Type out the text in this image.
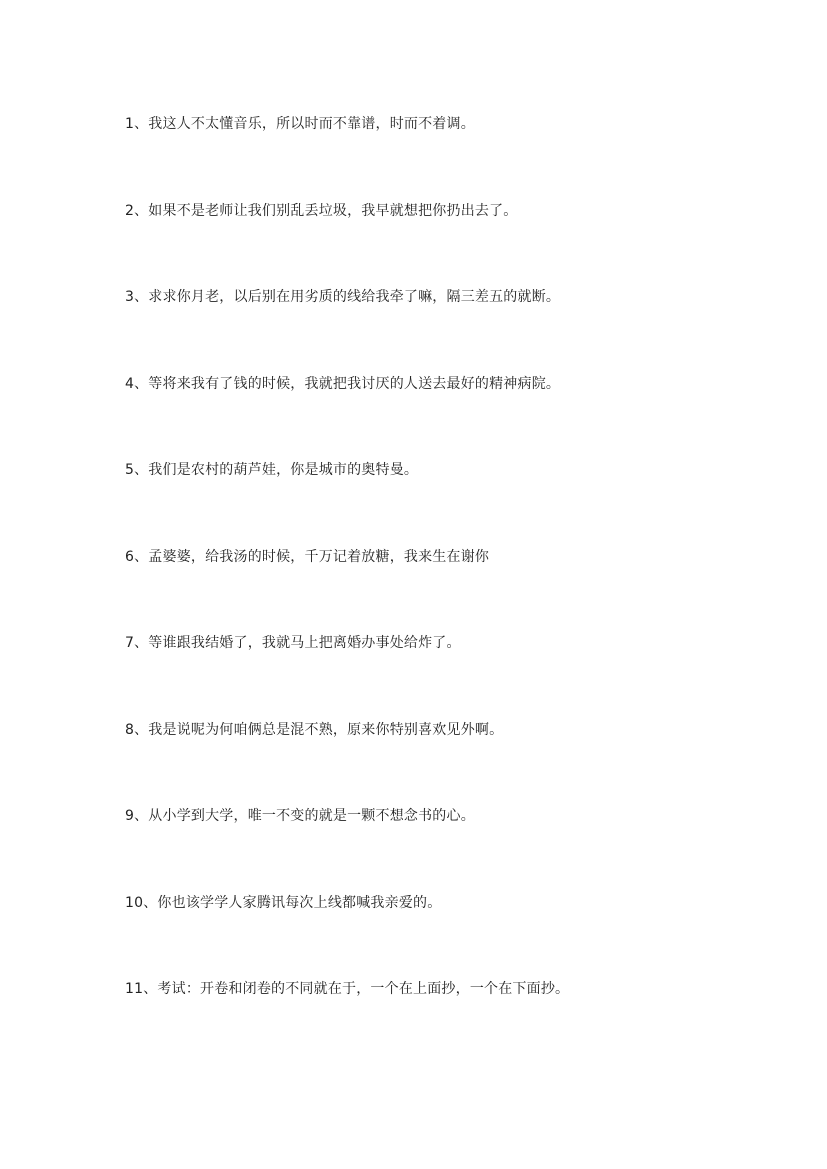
1、我这人不太懂音乐，所以时而不靠谱，时而不着调。
2、如果不是老师让我们别乱丢垃圾，我早就想把你扔出去了。
3、求求你月老，以后别在用劣质的线给我牵了嘛，隔三差五的就断。
4、等将来我有了钱的时候，我就把我讨厌的人送去最好的精神病院。
5、我们是农村的葫芦娃，你是城市的奥特曼。
6、孟婆婆，给我汤的时候，千万记着放糖，我来生在谢你
7、等谁跟我结婚了，我就马上把离婚办事处给炸了。
8、我是说呢为何咱俩总是混不熟，原来你特别喜欢见外啊。
9、从小学到大学，唯一不变的就是一颗不想念书的心。
10、你也该学学人家腾讯每次上线都喊我亲爱的。
11、考试：开卷和闭卷的不同就在于，一个在上面抄，一个在下面抄。
